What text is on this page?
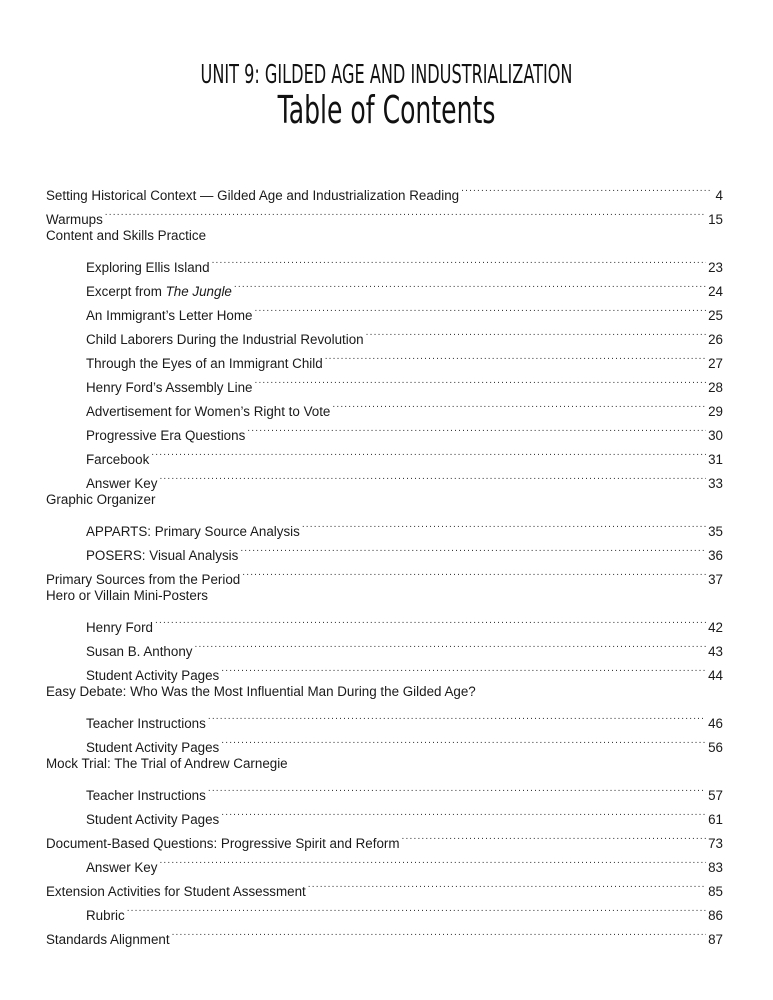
UNIT 9: GILDED AGE AND INDUSTRIALIZATION
Table of Contents
Setting Historical Context — Gilded Age and Industrialization Reading .....	4
Warmups .....	15
Content and Skills Practice
Exploring Ellis Island .....	23
Excerpt from The Jungle .....	24
An Immigrant’s Letter Home .....	25
Child Laborers During the Industrial Revolution .....	26
Through the Eyes of an Immigrant Child .....	27
Henry Ford’s Assembly Line .....	28
Advertisement for Women’s Right to Vote .....	29
Progressive Era Questions .....	30
Farcebook .....	31
Answer Key .....	33
Graphic Organizer
APPARTS: Primary Source Analysis .....	35
POSERS: Visual Analysis .....	36
Primary Sources from the Period .....	37
Hero or Villain Mini-Posters
Henry Ford .....	42
Susan B. Anthony .....	43
Student Activity Pages .....	44
Easy Debate: Who Was the Most Influential Man During the Gilded Age?
Teacher Instructions .....	46
Student Activity Pages .....	56
Mock Trial: The Trial of Andrew Carnegie
Teacher Instructions .....	57
Student Activity Pages .....	61
Document-Based Questions: Progressive Spirit and Reform .....	73
Answer Key .....	83
Extension Activities for Student Assessment .....	85
Rubric .....	86
Standards Alignment .....	87
